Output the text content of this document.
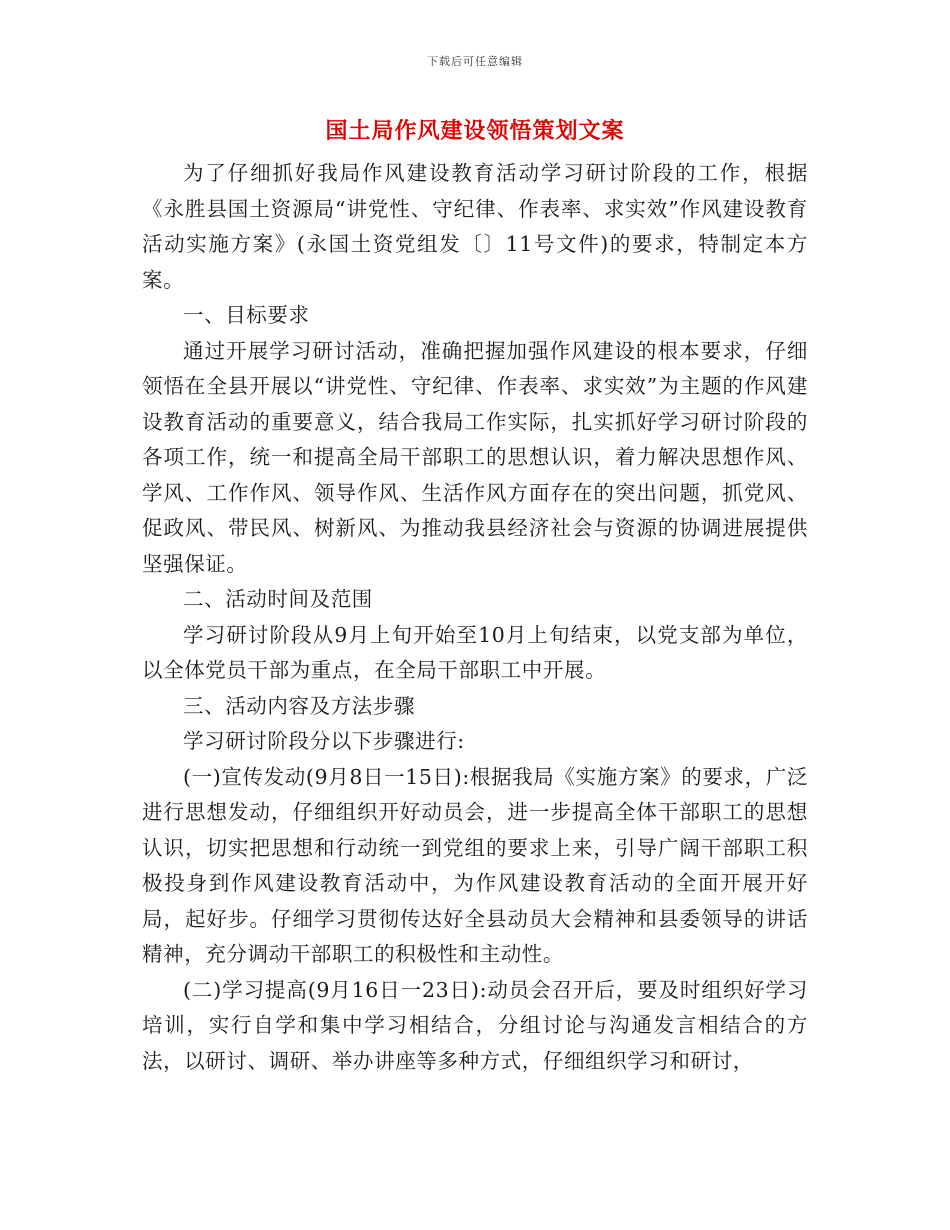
下载后可任意编辑
国土局作风建设领悟策划文案

为了仔细抓好我局作风建设教育活动学习研讨阶段的工作，根据《永胜县国土资源局“讲党性、守纪律、作表率、求实效”作风建设教育活动实施方案》(永国土资党组发〔〕11号文件)的要求，特制定本方案。

一、目标要求

通过开展学习研讨活动，准确把握加强作风建设的根本要求，仔细领悟在全县开展以“讲党性、守纪律、作表率、求实效”为主题的作风建设教育活动的重要意义，结合我局工作实际，扎实抓好学习研讨阶段的各项工作，统一和提高全局干部职工的思想认识，着力解决思想作风、学风、工作作风、领导作风、生活作风方面存在的突出问题，抓党风、促政风、带民风、树新风、为推动我县经济社会与资源的协调进展提供坚强保证。

二、活动时间及范围

学习研讨阶段从9月上旬开始至10月上旬结束，以党支部为单位，以全体党员干部为重点，在全局干部职工中开展。

三、活动内容及方法步骤

学习研讨阶段分以下步骤进行:

(一)宣传发动(9月8日一15日):根据我局《实施方案》的要求，广泛进行思想发动，仔细组织开好动员会，进一步提高全体干部职工的思想认识，切实把思想和行动统一到党组的要求上来，引导广阔干部职工积极投身到作风建设教育活动中，为作风建设教育活动的全面开展开好局，起好步。仔细学习贯彻传达好全县动员大会精神和县委领导的讲话精神，充分调动干部职工的积极性和主动性。

(二)学习提高(9月16日一23日):动员会召开后，要及时组织好学习培训，实行自学和集中学习相结合，分组讨论与沟通发言相结合的方法，以研讨、调研、举办讲座等多种方式，仔细组织学习和研讨，
